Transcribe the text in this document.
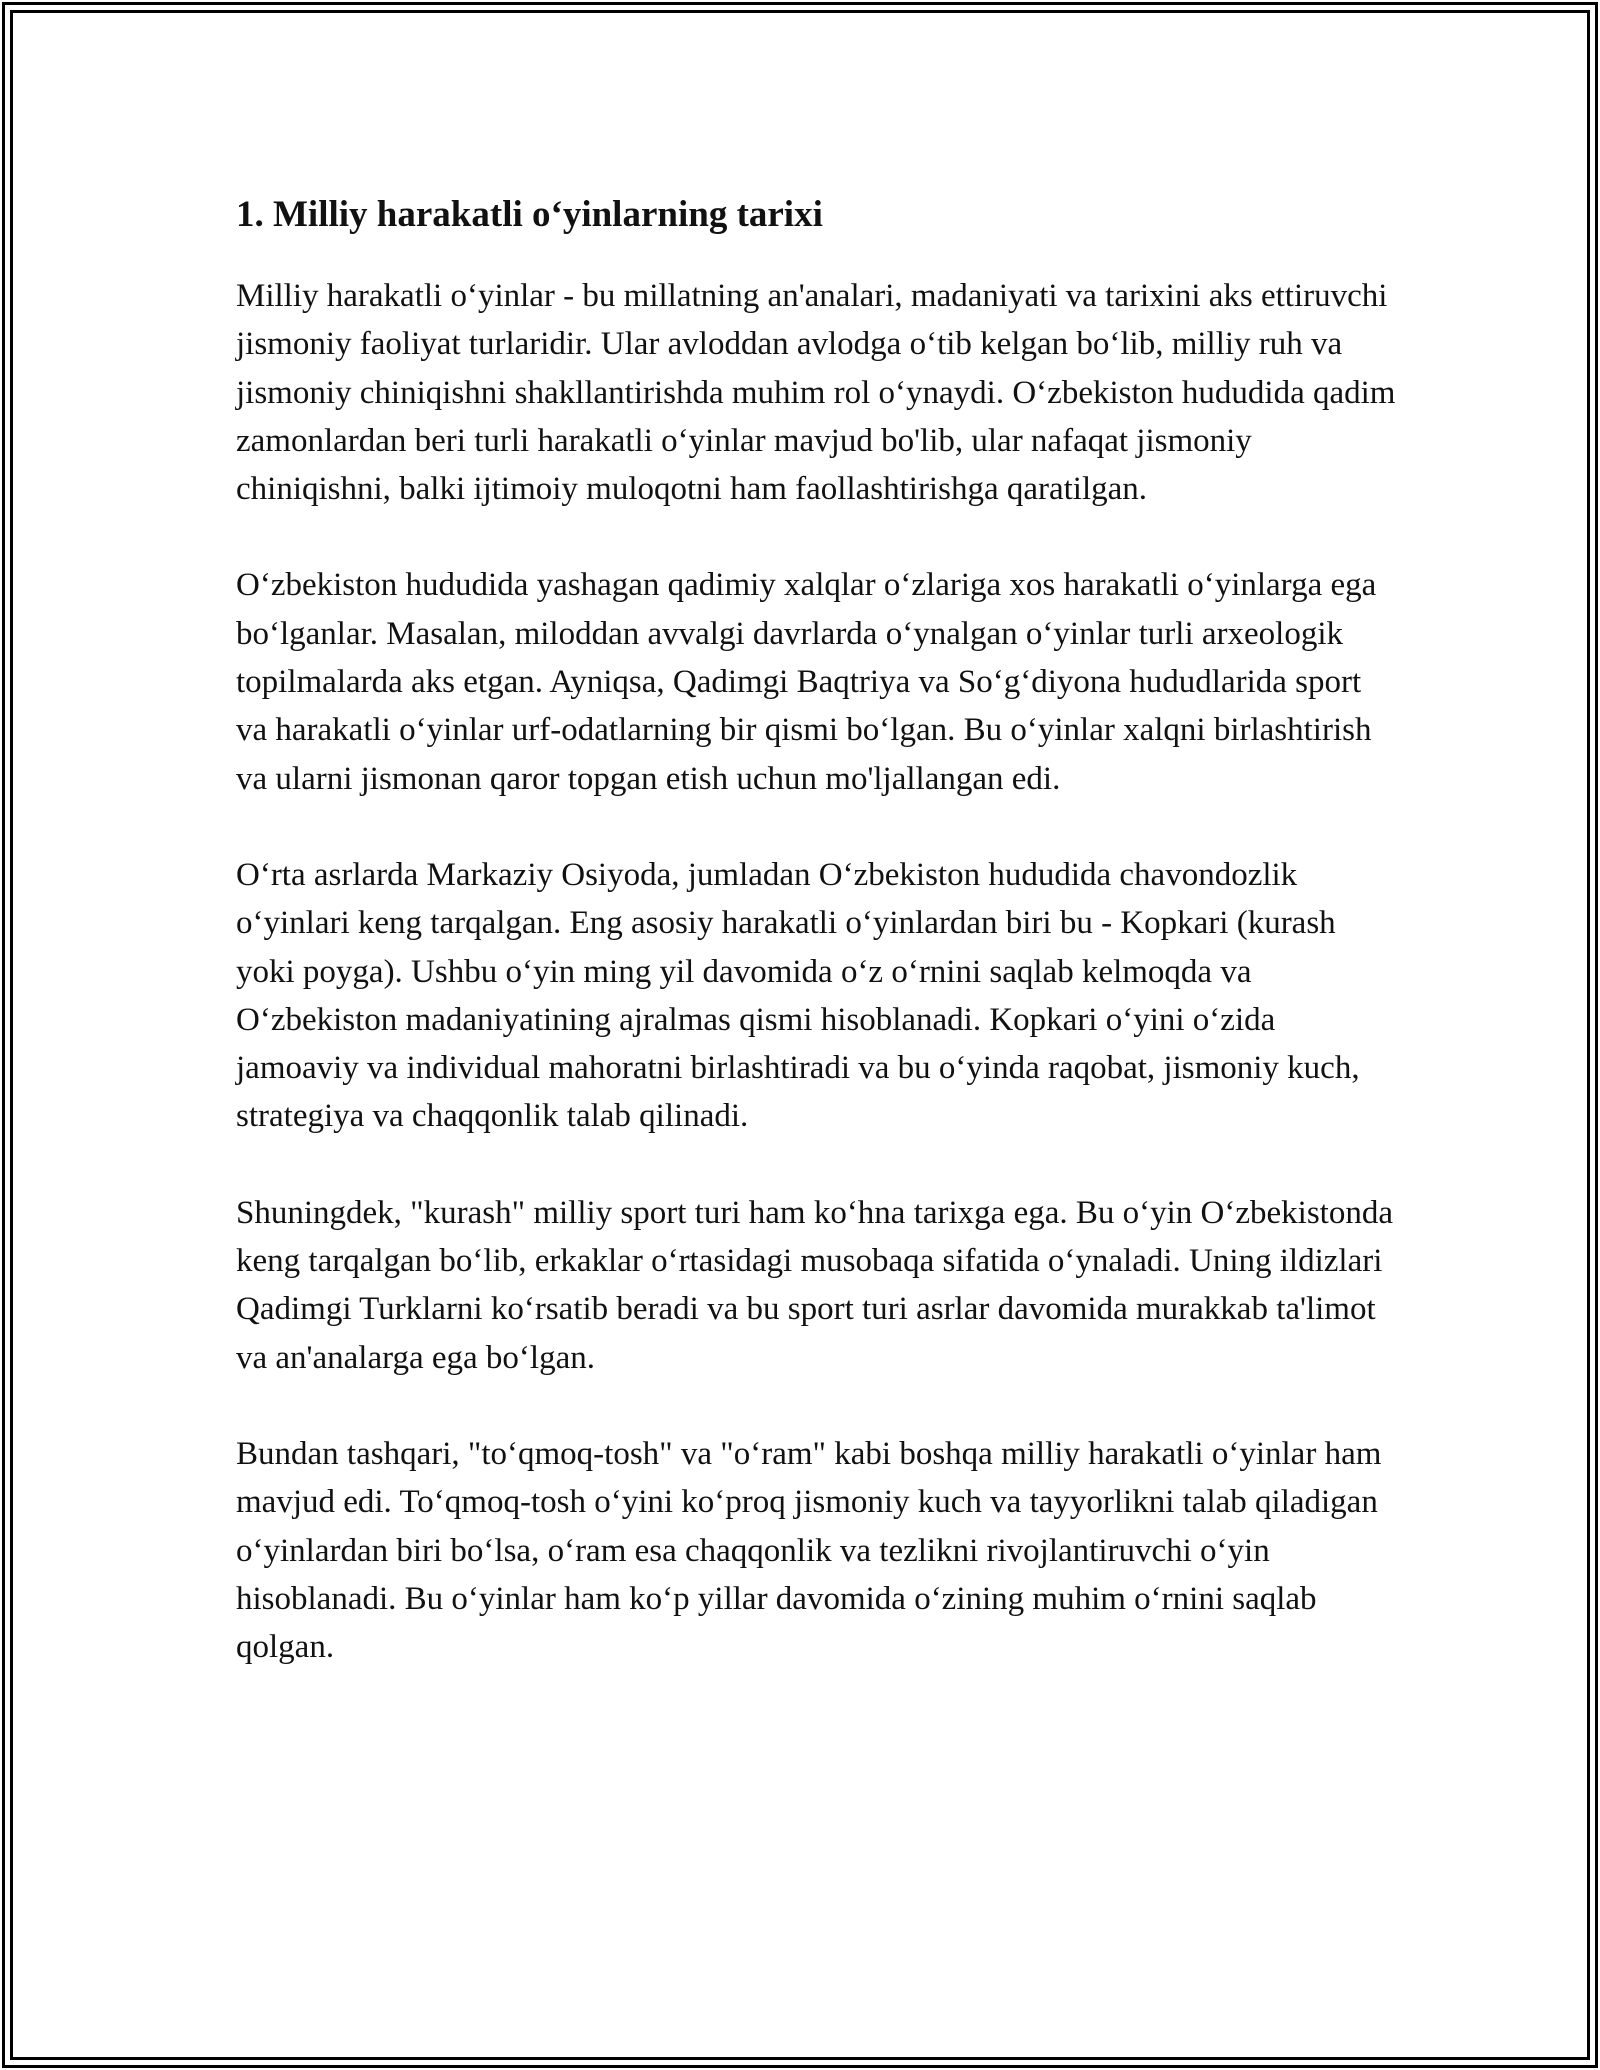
1. Milliy harakatli o‘yinlarning tarixi

Milliy harakatli o‘yinlar - bu millatning an'analari, madaniyati va tarixini aks ettiruvchi jismoniy faoliyat turlaridir. Ular avloddan avlodga o‘tib kelgan bo‘lib, milliy ruh va jismoniy chiniqishni shakllantirishda muhim rol o‘ynaydi. O‘zbekiston hududida qadim zamonlardan beri turli harakatli o‘yinlar mavjud bo'lib, ular nafaqat jismoniy chiniqishni, balki ijtimoiy muloqotni ham faollashtirishga qaratilgan.

O‘zbekiston hududida yashagan qadimiy xalqlar o‘zlariga xos harakatli o‘yinlarga ega bo‘lganlar. Masalan, miloddan avvalgi davrlarda o‘ynalgan o‘yinlar turli arxeologik topilmalarda aks etgan. Ayniqsa, Qadimgi Baqtriya va So‘g‘diyona hududlarida sport va harakatli o‘yinlar urf-odatlarning bir qismi bo‘lgan. Bu o‘yinlar xalqni birlashtirish va ularni jismonan qaror topgan etish uchun mo'ljallangan edi.

O‘rta asrlarda Markaziy Osiyoda, jumladan O‘zbekiston hududida chavondozlik o‘yinlari keng tarqalgan. Eng asosiy harakatli o‘yinlardan biri bu - Kopkari (kurash yoki poyga). Ushbu o‘yin ming yil davomida o‘z o‘rnini saqlab kelmoqda va O‘zbekiston madaniyatining ajralmas qismi hisoblanadi. Kopkari o‘yini o‘zida jamoaviy va individual mahoratni birlashtiradi va bu o‘yinda raqobat, jismoniy kuch, strategiya va chaqqonlik talab qilinadi.

Shuningdek, "kurash" milliy sport turi ham ko‘hna tarixga ega. Bu o‘yin O‘zbekistonda keng tarqalgan bo‘lib, erkaklar o‘rtasidagi musobaqa sifatida o‘ynaladi. Uning ildizlari Qadimgi Turklarni ko‘rsatib beradi va bu sport turi asrlar davomida murakkab ta'limot va an'analarga ega bo‘lgan.

Bundan tashqari, "to‘qmoq-tosh" va "o‘ram" kabi boshqa milliy harakatli o‘yinlar ham mavjud edi. To‘qmoq-tosh o‘yini ko‘proq jismoniy kuch va tayyorlikni talab qiladigan o‘yinlardan biri bo‘lsa, o‘ram esa chaqqonlik va tezlikni rivojlantiruvchi o‘yin hisoblanadi. Bu o‘yinlar ham ko‘p yillar davomida o‘zining muhim o‘rnini saqlab qolgan.
